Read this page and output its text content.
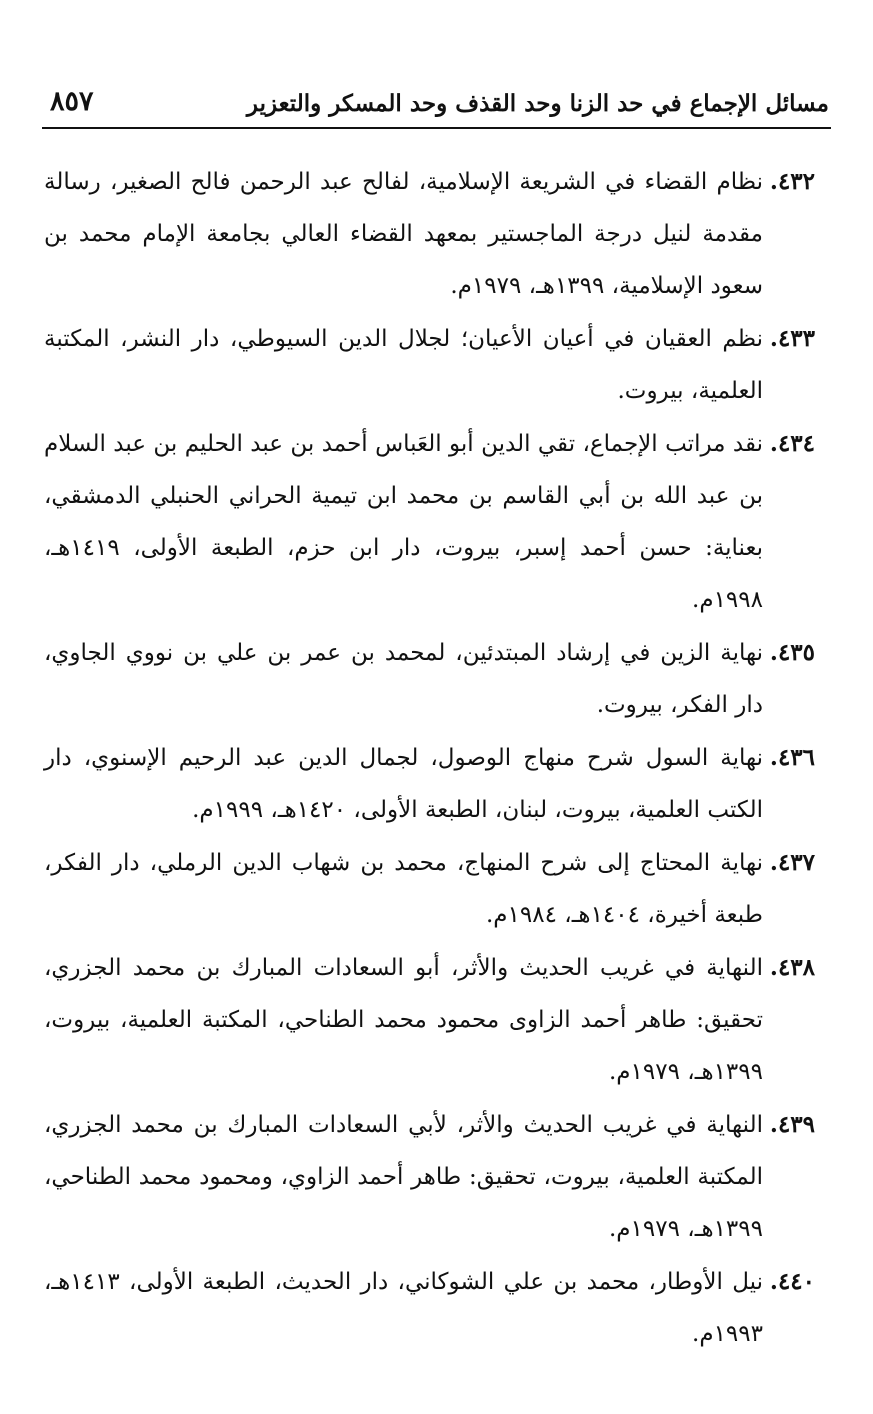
مسائل الإجماع في حد الزنا وحد القذف وحد المسكر والتعزير
٨٥٧
٤٣٢.
نظام القضاء في الشريعة الإسلامية، لفالح عبد الرحمن فالح الصغير، رسالة مقدمة لنيل درجة الماجستير بمعهد القضاء العالي بجامعة الإمام محمد بن سعود الإسلامية، ١٣٩٩هـ، ١٩٧٩م.
٤٣٣.
نظم العقيان في أعيان الأعيان؛ لجلال الدين السيوطي، دار النشر، المكتبة العلمية، بيروت.
٤٣٤.
نقد مراتب الإجماع، تقي الدين أبو العَباس أحمد بن عبد الحليم بن عبد السلام بن عبد الله بن أبي القاسم بن محمد ابن تيمية الحراني الحنبلي الدمشقي، بعناية: حسن أحمد إسبر، بيروت، دار ابن حزم، الطبعة الأولى، ١٤١٩هـ، ١٩٩٨م.
٤٣٥.
نهاية الزين في إرشاد المبتدئين، لمحمد بن عمر بن علي بن نووي الجاوي، دار الفكر، بيروت.
٤٣٦.
نهاية السول شرح منهاج الوصول، لجمال الدين عبد الرحيم الإسنوي، دار الكتب العلمية، بيروت، لبنان، الطبعة الأولى، ١٤٢٠هـ، ١٩٩٩م.
٤٣٧.
نهاية المحتاج إلى شرح المنهاج، محمد بن شهاب الدين الرملي، دار الفكر، طبعة أخيرة، ١٤٠٤هـ، ١٩٨٤م.
٤٣٨.
النهاية في غريب الحديث والأثر، أبو السعادات المبارك بن محمد الجزري، تحقيق: طاهر أحمد الزاوى محمود محمد الطناحي، المكتبة العلمية، بيروت، ١٣٩٩هـ، ١٩٧٩م.
٤٣٩.
النهاية في غريب الحديث والأثر، لأبي السعادات المبارك بن محمد الجزري، المكتبة العلمية، بيروت، تحقيق: طاهر أحمد الزاوي، ومحمود محمد الطناحي، ١٣٩٩هـ، ١٩٧٩م.
٤٤٠.
نيل الأوطار، محمد بن علي الشوكاني، دار الحديث، الطبعة الأولى، ١٤١٣هـ، ١٩٩٣م.
